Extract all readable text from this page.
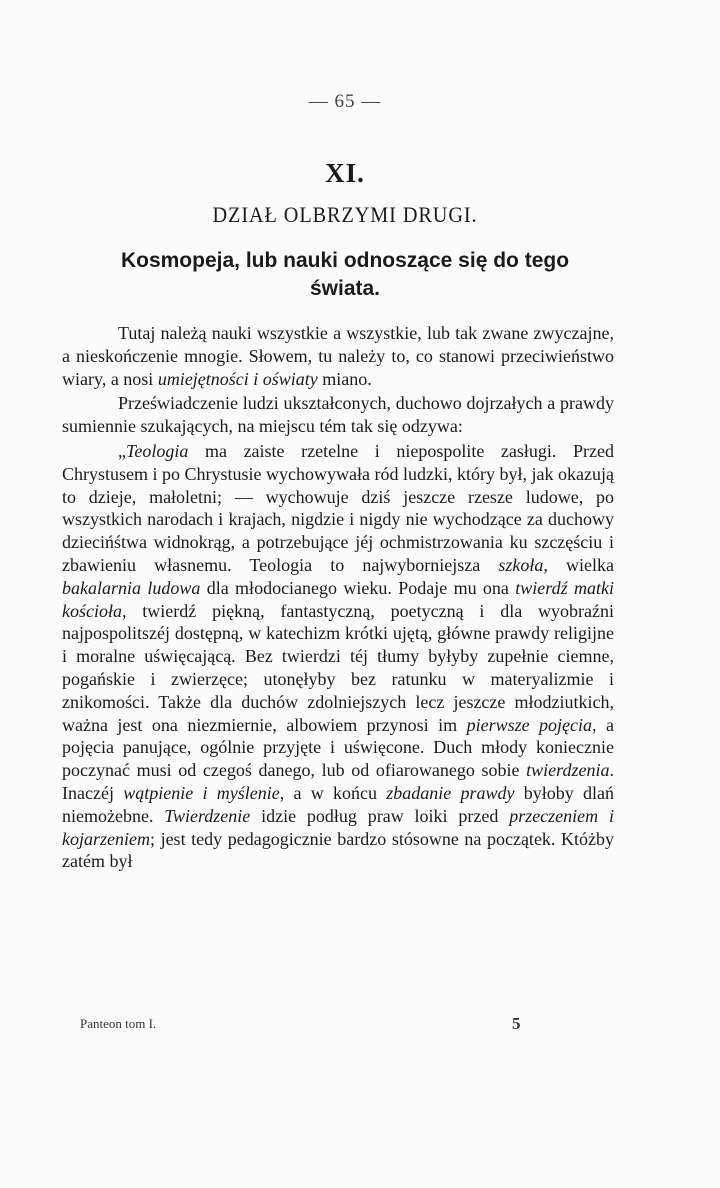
— 65 —
XI.
DZIAŁ OLBRZYMI DRUGI.
Kosmopeja, lub nauki odnoszące się do tego świata.

Tutaj należą nauki wszystkie a wszystkie, lub tak zwane zwyczajne, a nieskończenie mnogie. Słowem, tu należy to, co stanowi przeciwieństwo wiary, a nosi umiejętności i oświaty miano.

Przeświadczenie ludzi ukształconych, duchowo dojrzałych a prawdy sumiennie szukających, na miejscu tém tak się odzywa:

„Teologia ma zaiste rzetelne i niepospolite zasługi. Przed Chrystusem i po Chrystusie wychowywała ród ludzki, który był, jak okazują to dzieje, małoletni; — wychowuje dziś jeszcze rzesze ludowe, po wszystkich narodach i krajach, nigdzie i nigdy nie wychodzące za duchowy dziecińśtwa widnokrąg, a potrzebujące jéj ochmistrzowania ku szczęściu i zbawieniu własnemu. Teologia to najwyborniejsza szkoła, wielka bakalarnia ludowa dla młodocianego wieku. Podaje mu ona twierdź matki kościoła, twierdź piękną, fantastyczną, poetyczną i dla wyobraźni najpospolitszéj dostępną, w katechizm krótki ujętą, główne prawdy religijne i moralne uświęcającą. Bez twierdzi téj tłumy byłyby zupełnie ciemne, pogańskie i zwierzęce; utonęłyby bez ratunku w materyalizmie i znikomości. Także dla duchów zdolniejszych lecz jeszcze młodziutkich, ważna jest ona niezmiernie, albowiem przynosi im pierwsze pojęcia, a pojęcia panujące, ogólnie przyjęte i uświęcone. Duch młody koniecznie poczynać musi od czegoś danego, lub od ofiarowanego sobie twierdzenia. Inaczéj wątpienie i myślenie, a w końcu zbadanie prawdy byłoby dlań niemożebne. Twierdzenie idzie podług praw loiki przed przeczeniem i kojarzeniem; jest tedy pedagogicznie bardzo stósowne na początek. Któżby zatém był

Panteon tom I.	5
